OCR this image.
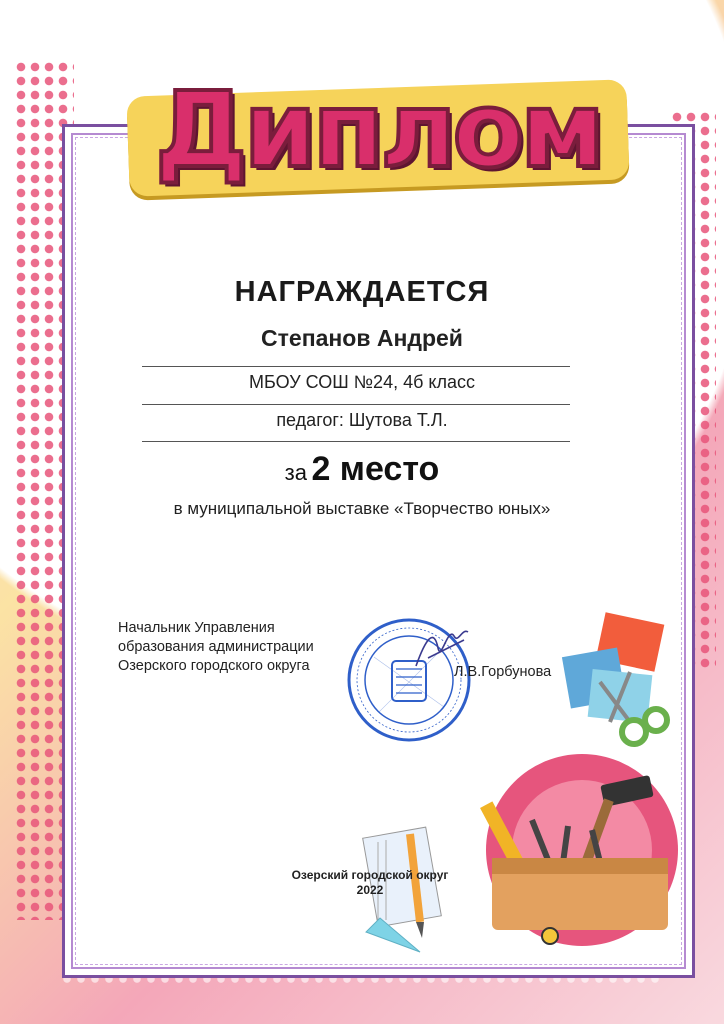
Диплом
НАГРАЖДАЕТСЯ
Степанов Андрей
МБОУ СОШ №24, 4б класс
педагог: Шутова Т.Л.
за 2 место
в муниципальной выставке «Творчество юных»
Начальник Управления
образования администрации
Озерского городского округа	Л.В.Горбунова
Озерский городской округ
2022
